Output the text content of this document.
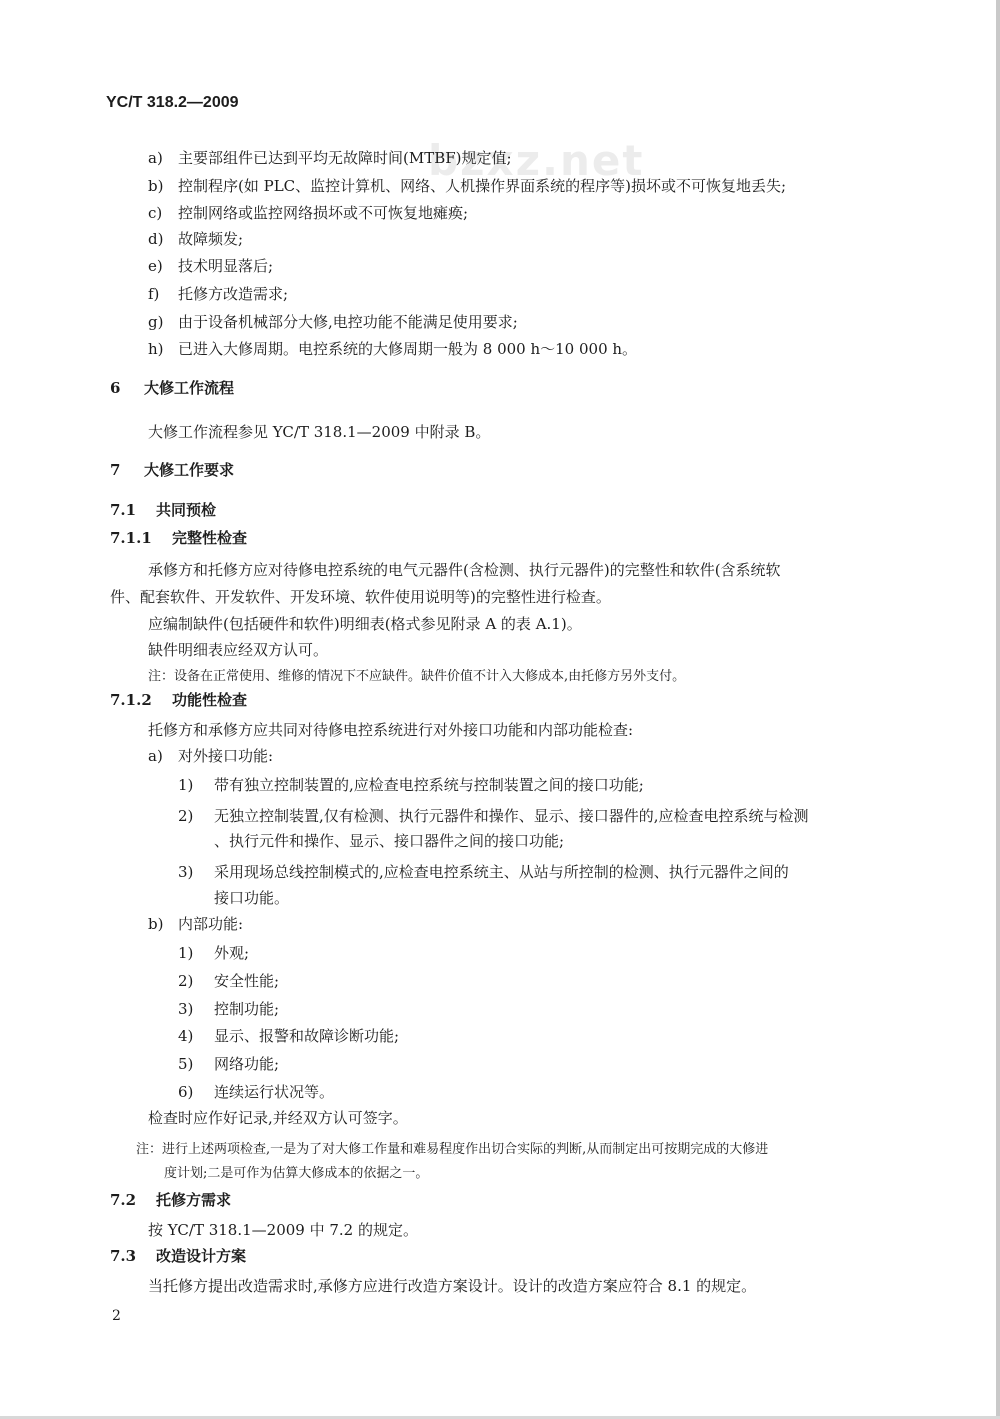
bzxz.net
YC/T 318.2—2009
a) 主要部组件已达到平均无故障时间(MTBF)规定值;
b) 控制程序(如 PLC、监控计算机、网络、人机操作界面系统的程序等)损坏或不可恢复地丢失;
c) 控制网络或监控网络损坏或不可恢复地瘫痪;
d) 故障频发;
e) 技术明显落后;
f) 托修方改造需求;
g) 由于设备机械部分大修,电控功能不能满足使用要求;
h) 已进入大修周期。电控系统的大修周期一般为 8 000 h～10 000 h。
6 大修工作流程
大修工作流程参见 YC/T 318.1—2009 中附录 B。
7 大修工作要求
7.1 共同预检
7.1.1 完整性检查
承修方和托修方应对待修电控系统的电气元器件(含检测、执行元器件)的完整性和软件(含系统软
件、配套软件、开发软件、开发环境、软件使用说明等)的完整性进行检查。
应编制缺件(包括硬件和软件)明细表(格式参见附录 A 的表 A.1)。
缺件明细表应经双方认可。
注：设备在正常使用、维修的情况下不应缺件。缺件价值不计入大修成本,由托修方另外支付。
7.1.2 功能性检查
托修方和承修方应共同对待修电控系统进行对外接口功能和内部功能检查:
a) 对外接口功能:
1) 带有独立控制装置的,应检查电控系统与控制装置之间的接口功能;
2) 无独立控制装置,仅有检测、执行元器件和操作、显示、接口器件的,应检查电控系统与检测
、执行元件和操作、显示、接口器件之间的接口功能;
3) 采用现场总线控制模式的,应检查电控系统主、从站与所控制的检测、执行元器件之间的
接口功能。
b) 内部功能:
1) 外观;
2) 安全性能;
3) 控制功能;
4) 显示、报警和故障诊断功能;
5) 网络功能;
6) 连续运行状况等。
检查时应作好记录,并经双方认可签字。
注：进行上述两项检查,一是为了对大修工作量和难易程度作出切合实际的判断,从而制定出可按期完成的大修进
度计划;二是可作为估算大修成本的依据之一。
7.2 托修方需求
按 YC/T 318.1—2009 中 7.2 的规定。
7.3 改造设计方案
当托修方提出改造需求时,承修方应进行改造方案设计。设计的改造方案应符合 8.1 的规定。
2
